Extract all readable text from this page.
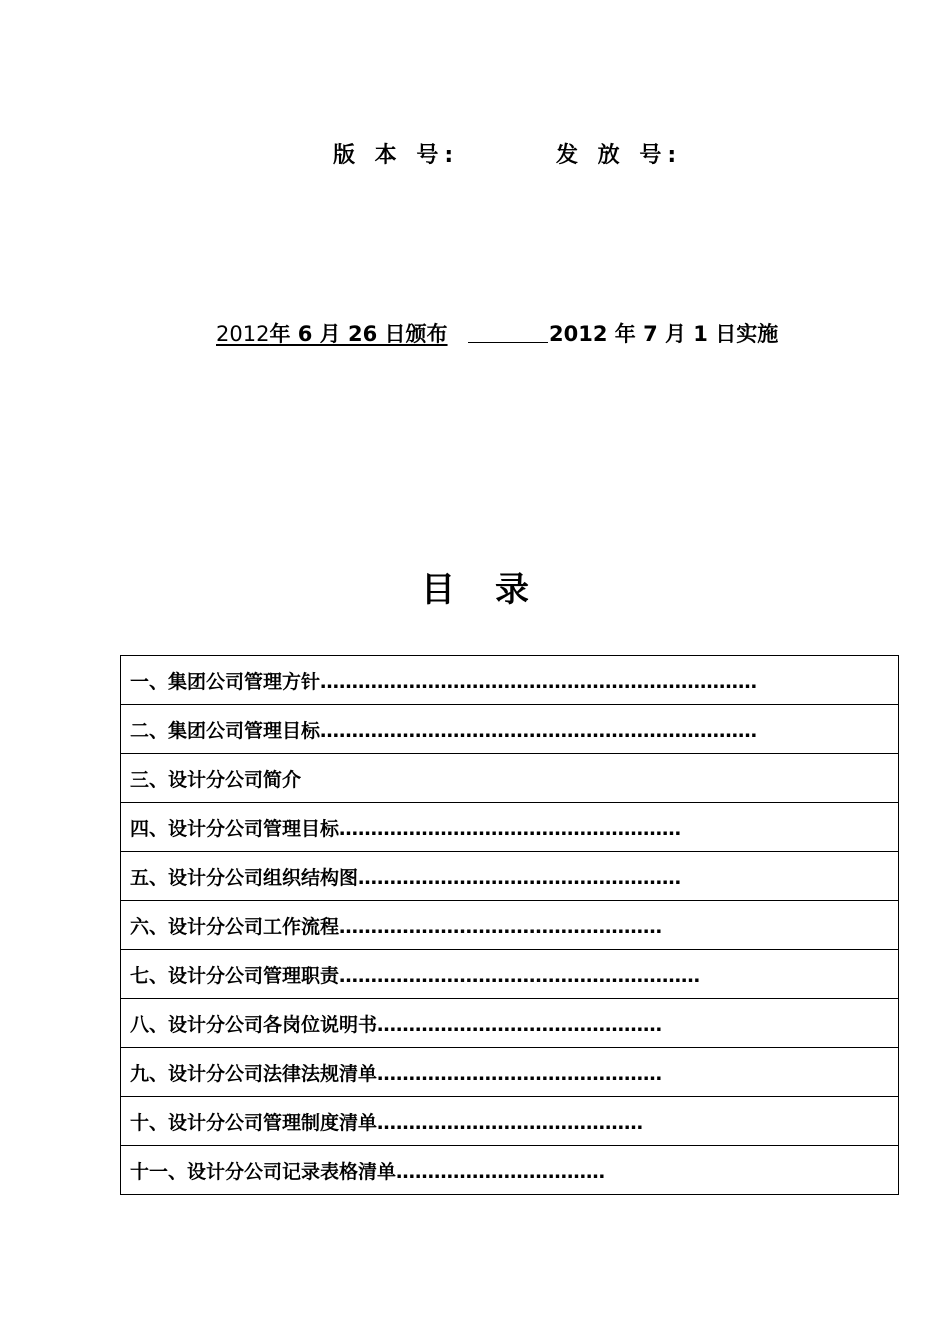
版 本 号:	发 放 号:
2012年 6 月 26 日颁布	2012 年 7 月 1 日实施
目录
一、集团公司管理方针……………………………………………………………
二、集团公司管理目标……………………………………………………………
三、设计分公司简介
四、设计分公司管理目标………………………………………………
五、设计分公司组织结构图……………………………………………
六、设计分公司工作流程……………………………………………
七、设计分公司管理职责…………………………………………………
八、设计分公司各岗位说明书………………………………………
九、设计分公司法律法规清单………………………………………
十、设计分公司管理制度清单……………………………………
十一、设计分公司记录表格清单……………………………
